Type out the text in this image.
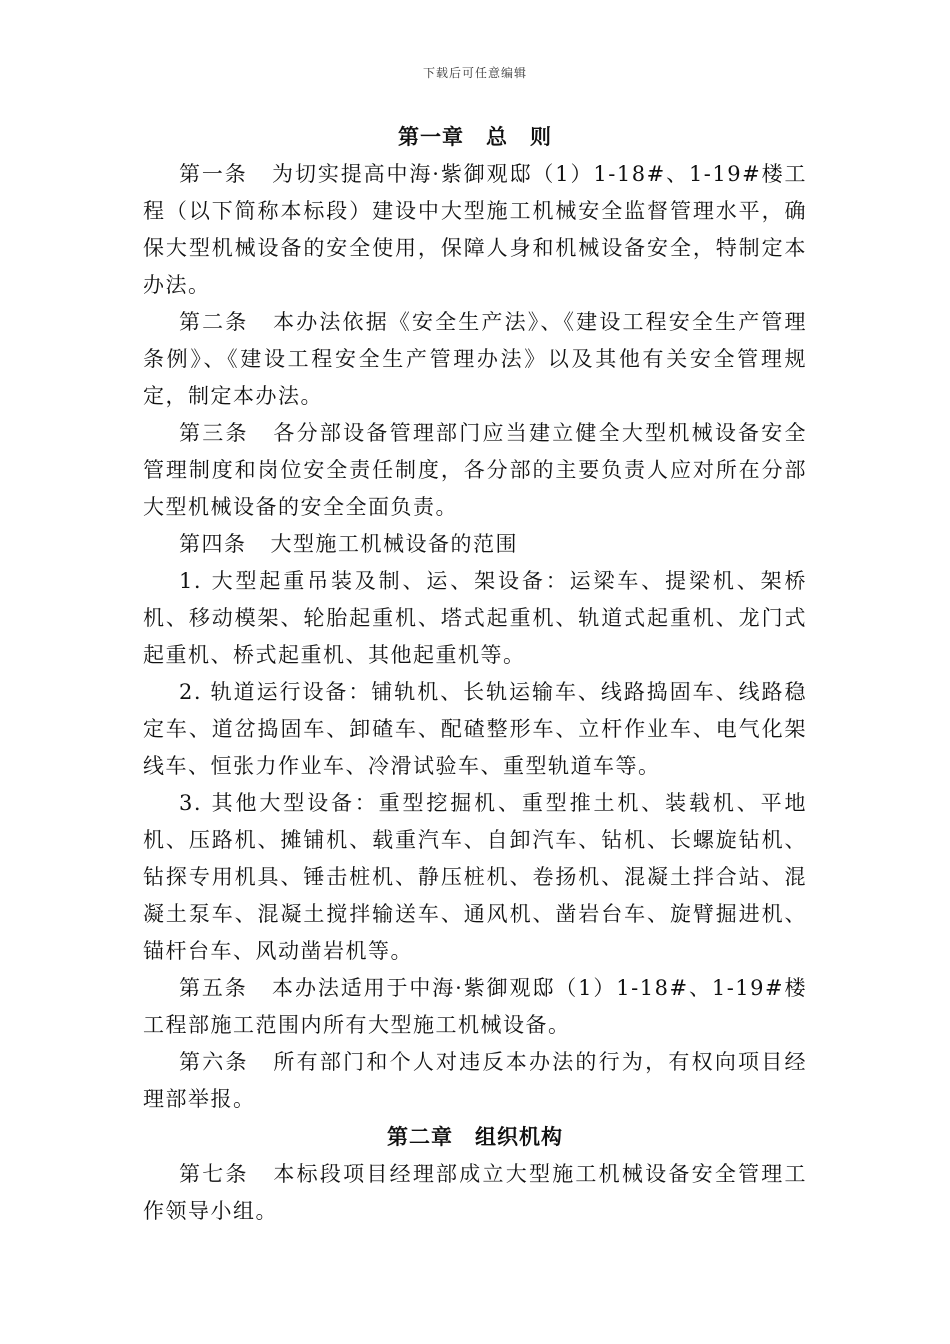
下载后可任意编辑
第一章 总 则
第一条 为切实提高中海·紫御观邸（1）1-18#、1-19#楼工程（以下简称本标段）建设中大型施工机械安全监督管理水平，确保大型机械设备的安全使用，保障人身和机械设备安全，特制定本办法。
第二条 本办法依据《安全生产法》、《建设工程安全生产管理条例》、《建设工程安全生产管理办法》以及其他有关安全管理规定，制定本办法。
第三条 各分部设备管理部门应当建立健全大型机械设备安全管理制度和岗位安全责任制度，各分部的主要负责人应对所在分部大型机械设备的安全全面负责。
第四条 大型施工机械设备的范围
1. 大型起重吊装及制、运、架设备：运梁车、提梁机、架桥机、移动模架、轮胎起重机、塔式起重机、轨道式起重机、龙门式起重机、桥式起重机、其他起重机等。
2. 轨道运行设备：铺轨机、长轨运输车、线路捣固车、线路稳定车、道岔捣固车、卸碴车、配碴整形车、立杆作业车、电气化架线车、恒张力作业车、冷滑试验车、重型轨道车等。
3. 其他大型设备：重型挖掘机、重型推土机、装载机、平地机、压路机、摊铺机、载重汽车、自卸汽车、钻机、长螺旋钻机、钻探专用机具、锤击桩机、静压桩机、卷扬机、混凝土拌合站、混凝土泵车、混凝土搅拌输送车、通风机、凿岩台车、旋臂掘进机、锚杆台车、风动凿岩机等。
第五条 本办法适用于中海·紫御观邸（1）1-18#、1-19#楼工程部施工范围内所有大型施工机械设备。
第六条 所有部门和个人对违反本办法的行为，有权向项目经理部举报。
第二章 组织机构
第七条 本标段项目经理部成立大型施工机械设备安全管理工作领导小组。
